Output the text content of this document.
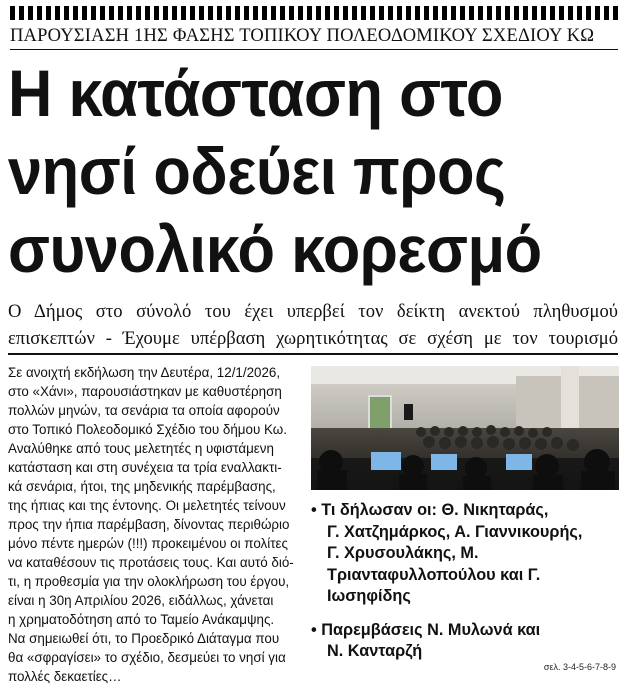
ΠΑΡΟΥΣΙΑΣΗ 1ΗΣ ΦΑΣΗΣ ΤΟΠΙΚΟΥ ΠΟΛΕΟΔΟΜΙΚΟΥ ΣΧΕΔΙΟΥ ΚΩ
Η κατάσταση στο
νησί οδεύει προς
συνολικό κορεσμό
Ο Δήμος στο σύνολό του έχει υπερβεί τον δείκτη ανεκτού πληθυσμού
επισκεπτών - Έχουμε υπέρβαση χωρητικότητας σε σχέση με τον τουρισμό
Σε ανοιχτή εκδήλωση την Δευτέρα, 12/1/2026,
στο «Χάνι», παρουσιάστηκαν με καθυστέρηση
πολλών μηνών, τα σενάρια τα οποία αφορούν
στο Τοπικό Πολεοδομικό Σχέδιο του δήμου Κω.
Αναλύθηκε από τους μελετητές η υφιστάμενη
κατάσταση και στη συνέχεια τα τρία εναλλακτι-
κά σενάρια, ήτοι, της μηδενικής παρέμβασης,
της ήπιας και της έντονης. Οι μελετητές τείνουν
προς την ήπια παρέμβαση, δίνοντας περιθώριο
μόνο πέντε ημερών (!!!) προκειμένου οι πολίτες
να καταθέσουν τις προτάσεις τους. Και αυτό διό-
τι, η προθεσμία για την ολοκλήρωση του έργου,
είναι η 30η Απριλίου 2026, ειδάλλως, χάνεται
η χρηματοδότηση από το Ταμείο Ανάκαμψης.
Να σημειωθεί ότι, το Προεδρικό Διάταγμα που
θα «σφραγίσει» το σχέδιο, δεσμεύει το νησί για
πολλές δεκαετίες…
• Τι δήλωσαν οι: Θ. Νικηταράς,
Γ. Χατζημάρκος, Α. Γιαννικουρής,
Γ. Χρυσουλάκης, Μ.
Τριανταφυλλοπούλου και Γ.
Ιωσηφίδης
• Παρεμβάσεις Ν. Μυλωνά και
Ν. Κανταρζή
σελ. 3-4-5-6-7-8-9
